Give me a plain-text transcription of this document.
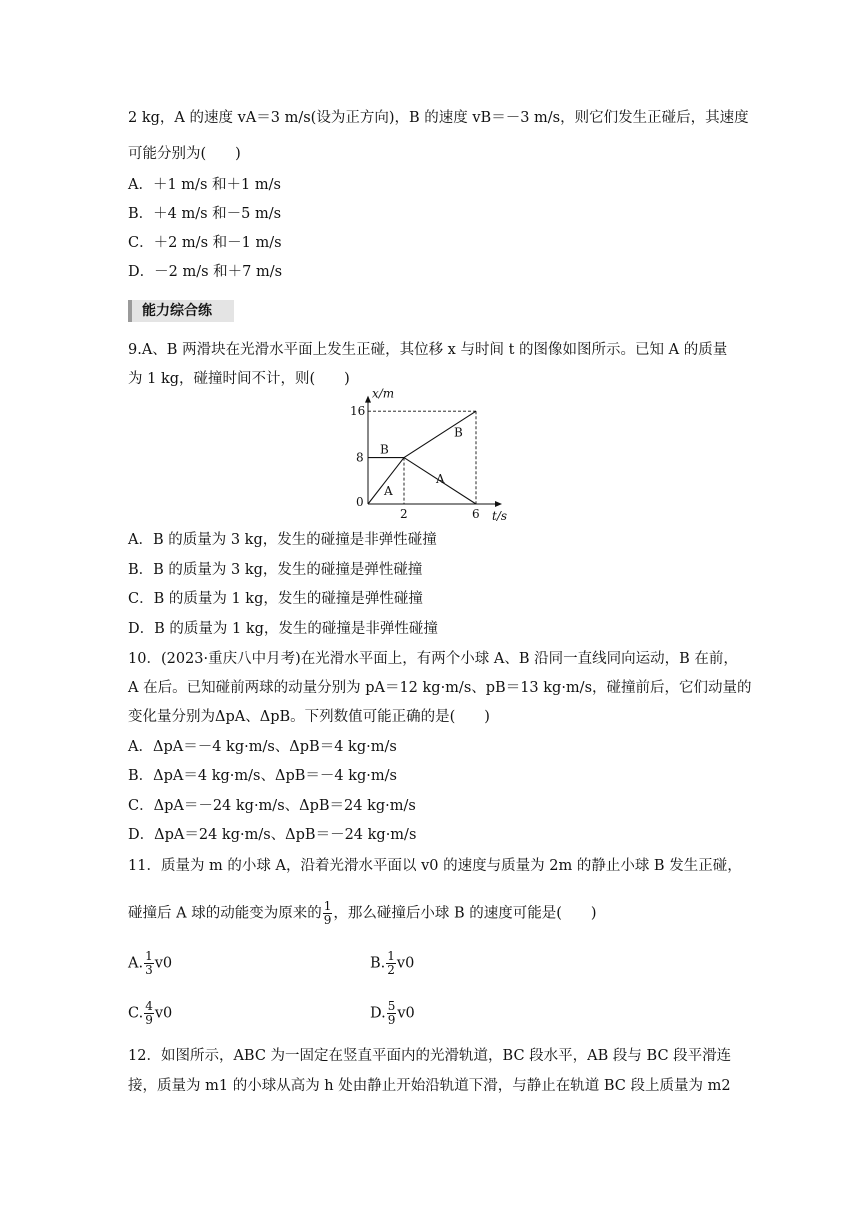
2 kg，A 的速度 vA＝3 m/s(设为正方向)，B 的速度 vB＝－3 m/s，则它们发生正碰后，其速度
可能分别为(　　)
A．＋1 m/s 和＋1 m/s
B．＋4 m/s 和－5 m/s
C．＋2 m/s 和－1 m/s
D．－2 m/s 和＋7 m/s
能力综合练
9.A、B 两滑块在光滑水平面上发生正碰，其位移 x 与时间 t 的图像如图所示。已知 A 的质量
为 1 kg，碰撞时间不计，则(　　)
x/m
t/s
0
2	6
8
16
B
B
A
A
A．B 的质量为 3 kg，发生的碰撞是非弹性碰撞
B．B 的质量为 3 kg，发生的碰撞是弹性碰撞
C．B 的质量为 1 kg，发生的碰撞是弹性碰撞
D．B 的质量为 1 kg，发生的碰撞是非弹性碰撞
10．(2023·重庆八中月考)在光滑水平面上，有两个小球 A、B 沿同一直线同向运动，B 在前，
A 在后。已知碰前两球的动量分别为 pA＝12 kg·m/s、pB＝13 kg·m/s，碰撞前后，它们动量的
变化量分别为ΔpA、ΔpB。下列数值可能正确的是(　　)
A．ΔpA＝－4 kg·m/s、ΔpB＝4 kg·m/s
B．ΔpA＝4 kg·m/s、ΔpB＝－4 kg·m/s
C．ΔpA＝－24 kg·m/s、ΔpB＝24 kg·m/s
D．ΔpA＝24 kg·m/s、ΔpB＝－24 kg·m/s
11．质量为 m 的小球 A，沿着光滑水平面以 v0 的速度与质量为 2m 的静止小球 B 发生正碰，
碰撞后 A 球的动能变为原来的 $\frac{1}{9}$ ，那么碰撞后小球 B 的速度可能是(　　)
A. $\frac{1}{3} v0$	B. $\frac{1}{2} v0$
C. $\frac{4}{9} v0$	D. $\frac{5}{9} v0$
12．如图所示，ABC 为一固定在竖直平面内的光滑轨道，BC 段水平，AB 段与 BC 段平滑连
接，质量为 m1 的小球从高为 h 处由静止开始沿轨道下滑，与静止在轨道 BC 段上质量为 m2
